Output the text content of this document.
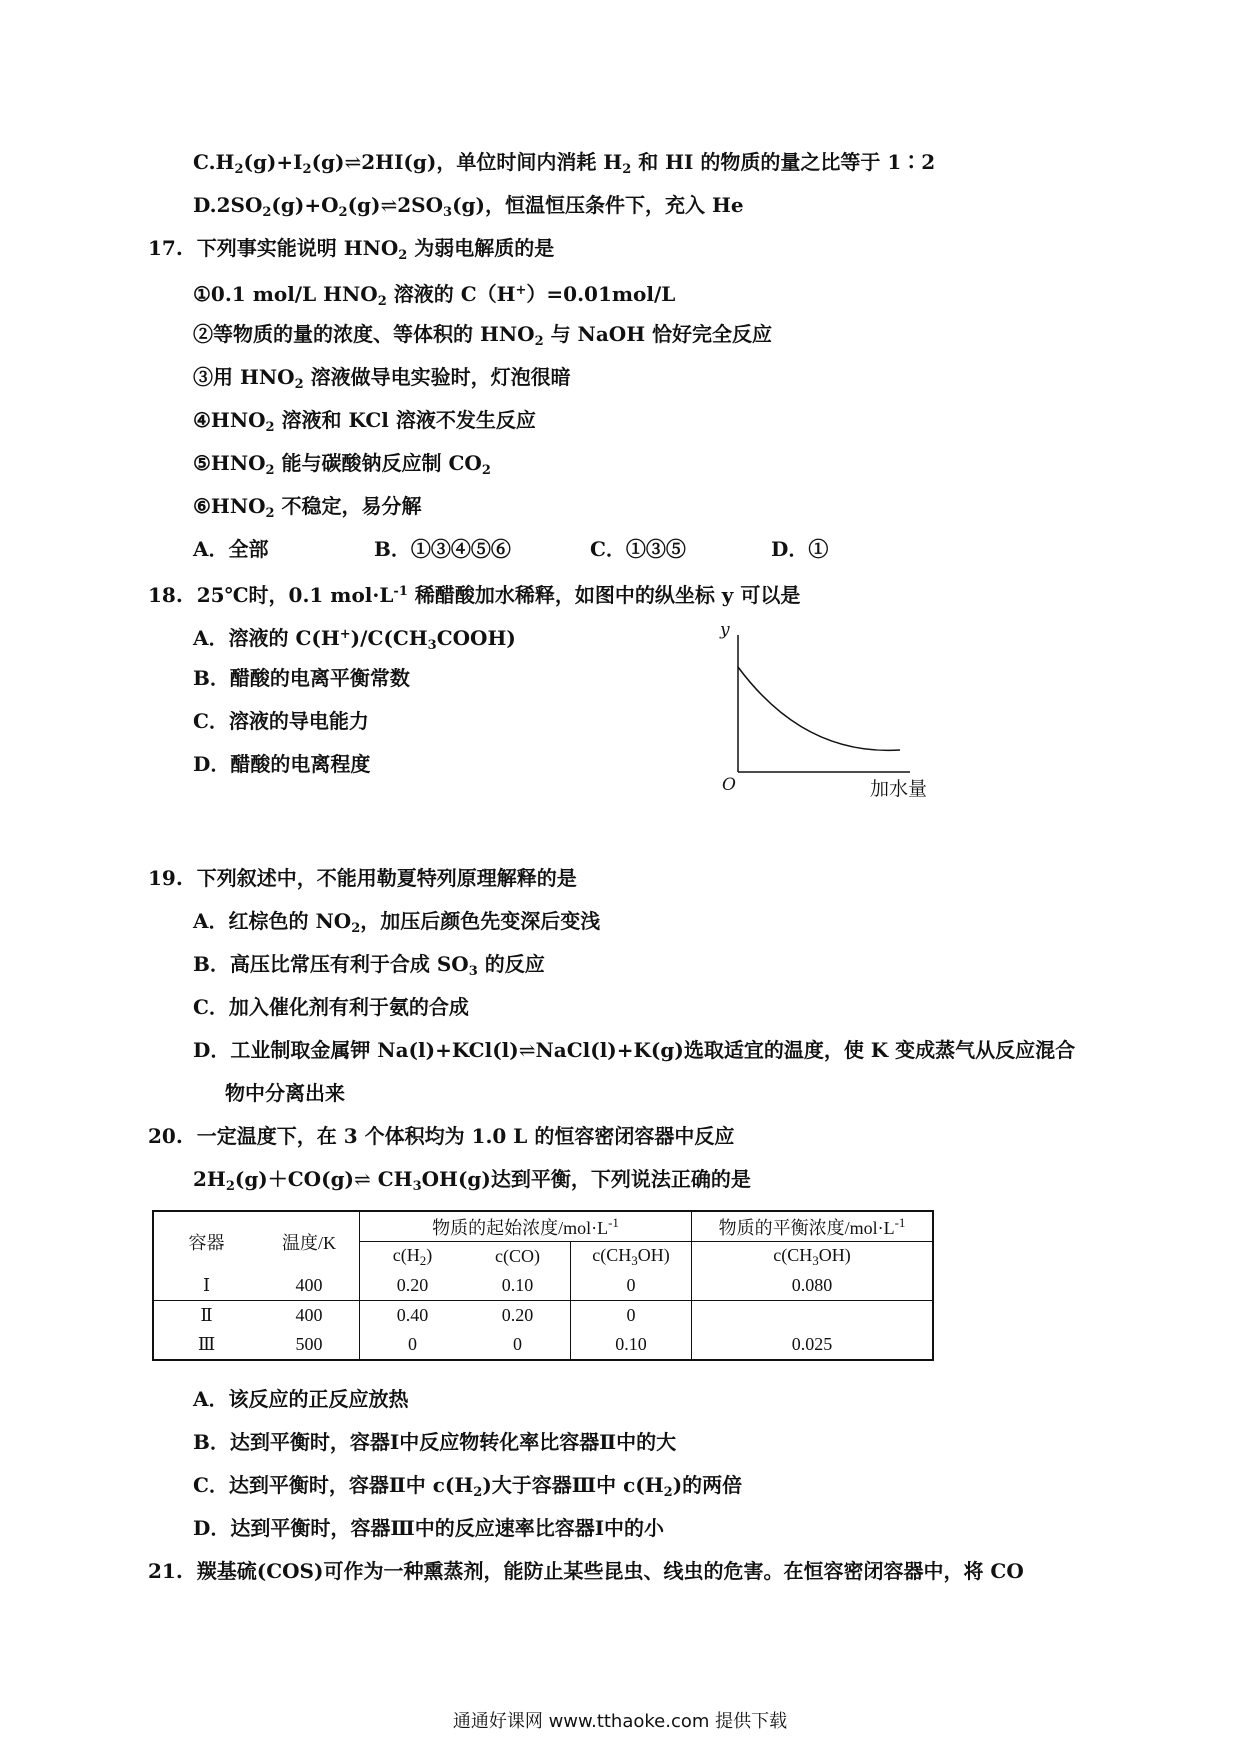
$C.H_2(g)+I_2(g)\rightleftharpoons 2HI(g)$，单位时间内消耗 $H_2$ 和 HI 的物质的量之比等于 1∶2
$D.2SO_2(g)+O_2(g)\rightleftharpoons 2SO_3(g)$，恒温恒压条件下，充入 He
17. 下列事实能说明 $HNO_2$ 为弱电解质的是
①0.1 mol/L $HNO_2$ 溶液的 C（H+）=0.01mol/L
②等物质的量的浓度、等体积的 $HNO_2$ 与 NaOH 恰好完全反应
③用 $HNO_2$ 溶液做导电实验时，灯泡很暗
$④HNO_2$ 溶液和 KCl 溶液不发生反应
$⑤HNO_2$ 能与碳酸钠反应制 $CO_2$
$⑥HNO_2$ 不稳定，易分解
A．全部	B．①③④⑤⑥	C．①③⑤	D．①
18. 25℃时，0.1 $mol\cdot L^{-1}$ 稀醋酸加水稀释，如图中的纵坐标 y 可以是
A．溶液的 $C(H^+)/C(CH_3COOH)$
B．醋酸的电离平衡常数
C．溶液的导电能力
D．醋酸的电离程度
y
O	加水量
19. 下列叙述中，不能用勒夏特列原理解释的是
A．红棕色的 $NO_2$，加压后颜色先变深后变浅
B．高压比常压有利于合成 $SO_3$ 的反应
C．加入催化剂有利于氨的合成
D．工业制取金属钾 Na(l)+KCl(l)⇌NaCl(l)+K(g)选取适宜的温度，使 K 变成蒸气从反应混合
物中分离出来
20. 一定温度下，在 3 个体积均为 1.0 L 的恒容密闭容器中反应
$2H_2(g)+CO(g)\rightleftharpoons$ $CH_3OH(g)$达到平衡，下列说法正确的是
容器	温度/K	物质的起始浓度$/mol\cdot L^{-1}$			物质的平衡浓度$/mol\cdot L^{-1}$
		$c(H_2)$	c(CO)	$c(CH_3OH)$	$c(CH_3OH)$
Ⅰ	400	0.20	0.10	0	0.080
Ⅱ	400	0.40	0.20	0	
Ⅲ	500	0	0	0.10	0.025
A．该反应的正反应放热
B．达到平衡时，容器Ⅰ中反应物转化率比容器Ⅱ中的大
C．达到平衡时，容器Ⅱ中 $c(H_2)$大于容器Ⅲ中 $c(H_2)$的两倍
D．达到平衡时，容器Ⅲ中的反应速率比容器Ⅰ中的小
21. 羰基硫(COS)可作为一种熏蒸剂，能防止某些昆虫、线虫的危害。在恒容密闭容器中，将 CO
通通好课网 www.tthaoke.com 提供下载
